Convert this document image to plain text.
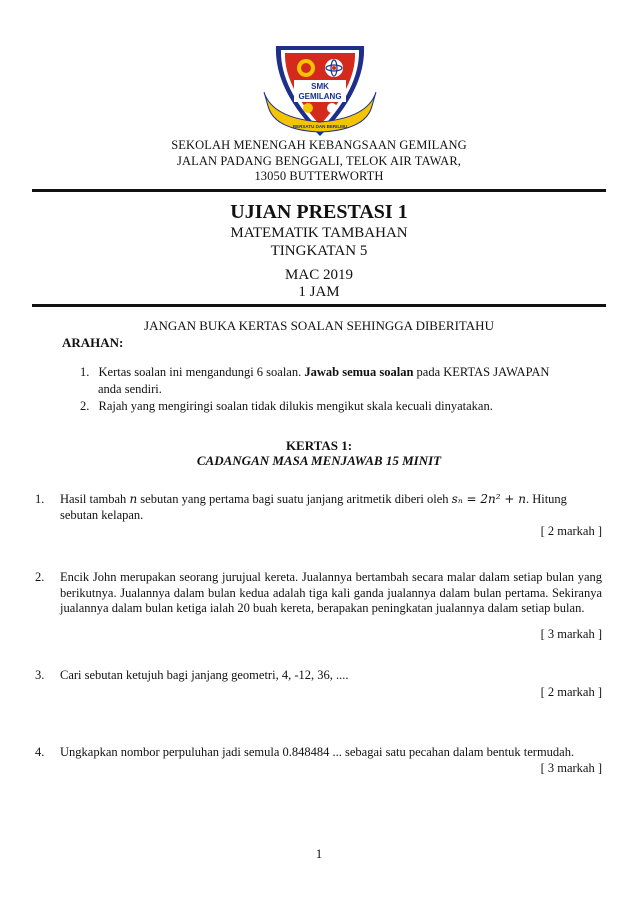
SMK
GEMILANG
BERSATU DAN BERILMU
SEKOLAH MENENGAH KEBANGSAAN GEMILANG
JALAN PADANG BENGGALI, TELOK AIR TAWAR,
13050 BUTTERWORTH
UJIAN PRESTASI 1
MATEMATIK TAMBAHAN
TINGKATAN 5
MAC 2019
1 JAM
JANGAN BUKA KERTAS SOALAN SEHINGGA DIBERITAHU
ARAHAN:
1. Kertas soalan ini mengandungi 6 soalan. Jawab semua soalan pada KERTAS JAWAPAN
anda sendiri.
2. Rajah yang mengiringi soalan tidak dilukis mengikut skala kecuali dinyatakan.
KERTAS 1:
CADANGAN MASA MENJAWAB 15 MINIT
1. Hasil tambah n sebutan yang pertama bagi suatu janjang aritmetik diberi oleh sₙ = 2n² + n. Hitung
sebutan kelapan.
[ 2 markah ]
2. Encik John merupakan seorang jurujual kereta. Jualannya bertambah secara malar dalam setiap bulan yang berikutnya. Jualannya dalam bulan kedua adalah tiga kali ganda jualannya dalam bulan pertama. Sekiranya jualannya dalam bulan ketiga ialah 20 buah kereta, berapakan peningkatan jualannya dalam setiap bulan.
[ 3 markah ]
3. Cari sebutan ketujuh bagi janjang geometri, 4, -12, 36, ....
[ 2 markah ]
4. Ungkapkan nombor perpuluhan jadi semula 0.848484 ... sebagai satu pecahan dalam bentuk termudah.
[ 3 markah ]
1
